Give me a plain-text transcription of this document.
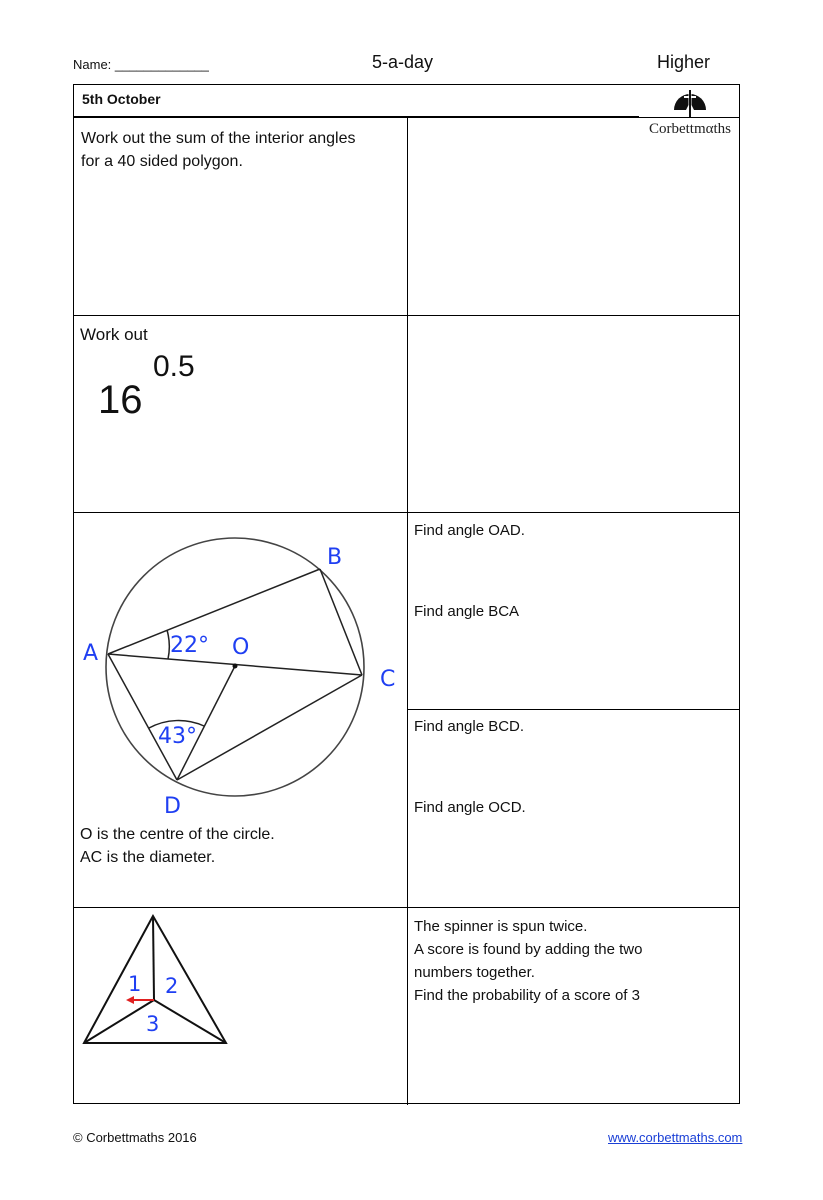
Name: _____________	5-a-day	Higher
5th October
Corbettmαths
Work out the sum of the interior angles
for a 40 sided polygon.
Work out
16
0.5
A
B
C
D
O
22°
43°
O is the centre of the circle.
AC is the diameter.
Find angle OAD.
Find angle BCA
Find angle BCD.
Find angle OCD.
1 2
3
The spinner is spun twice.
A score is found by adding the two
numbers together.
Find the probability of a score of 3
© Corbettmaths 2016	www.corbettmaths.com
